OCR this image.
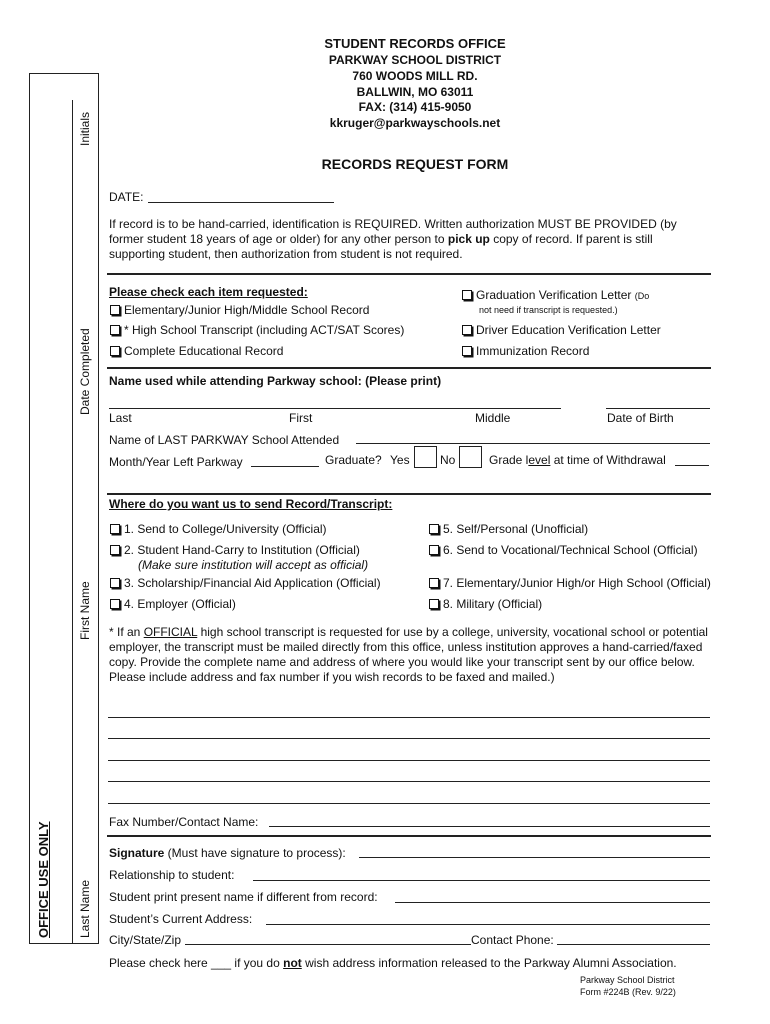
OFFICE USE ONLY
Initials
Date Completed
First Name
Last Name
STUDENT RECORDS OFFICE
PARKWAY SCHOOL DISTRICT
760 WOODS MILL RD.
BALLWIN, MO 63011
FAX: (314) 415-9050
kkruger@parkwayschools.net
RECORDS REQUEST FORM
DATE:
If record is to be hand-carried, identification is REQUIRED. Written authorization MUST BE PROVIDED (by former student 18 years of age or older) for any other person to pick up copy of record. If parent is still supporting student, then authorization from student is not required.
Please check each item requested:
Elementary/Junior High/Middle School Record
* High School Transcript (including ACT/SAT Scores)
Complete Educational Record
Graduation Verification Letter (Do
not need if transcript is requested.)
Driver Education Verification Letter
Immunization Record
Name used while attending Parkway school: (Please print)
Last	First	Middle	Date of Birth
Name of LAST PARKWAY School Attended
Month/Year Left Parkway	Graduate? Yes	No	Grade level at time of Withdrawal
Where do you want us to send Record/Transcript:
1. Send to College/University (Official)
2. Student Hand-Carry to Institution (Official)
(Make sure institution will accept as official)
3. Scholarship/Financial Aid Application (Official)
4. Employer (Official)
5. Self/Personal (Unofficial)
6. Send to Vocational/Technical School (Official)
7. Elementary/Junior High/or High School (Official)
8. Military (Official)
* If an OFFICIAL high school transcript is requested for use by a college, university, vocational school or potential employer, the transcript must be mailed directly from this office, unless institution approves a hand-carried/faxed copy. Provide the complete name and address of where you would like your transcript sent by our office below. Please include address and fax number if you wish records to be faxed and mailed.)
Fax Number/Contact Name:
Signature (Must have signature to process):
Relationship to student:
Student print present name if different from record:
Student’s Current Address:
City/State/Zip	Contact Phone:
Please check here ___ if you do not wish address information released to the Parkway Alumni Association.
Parkway School District
Form #224B (Rev. 9/22)
